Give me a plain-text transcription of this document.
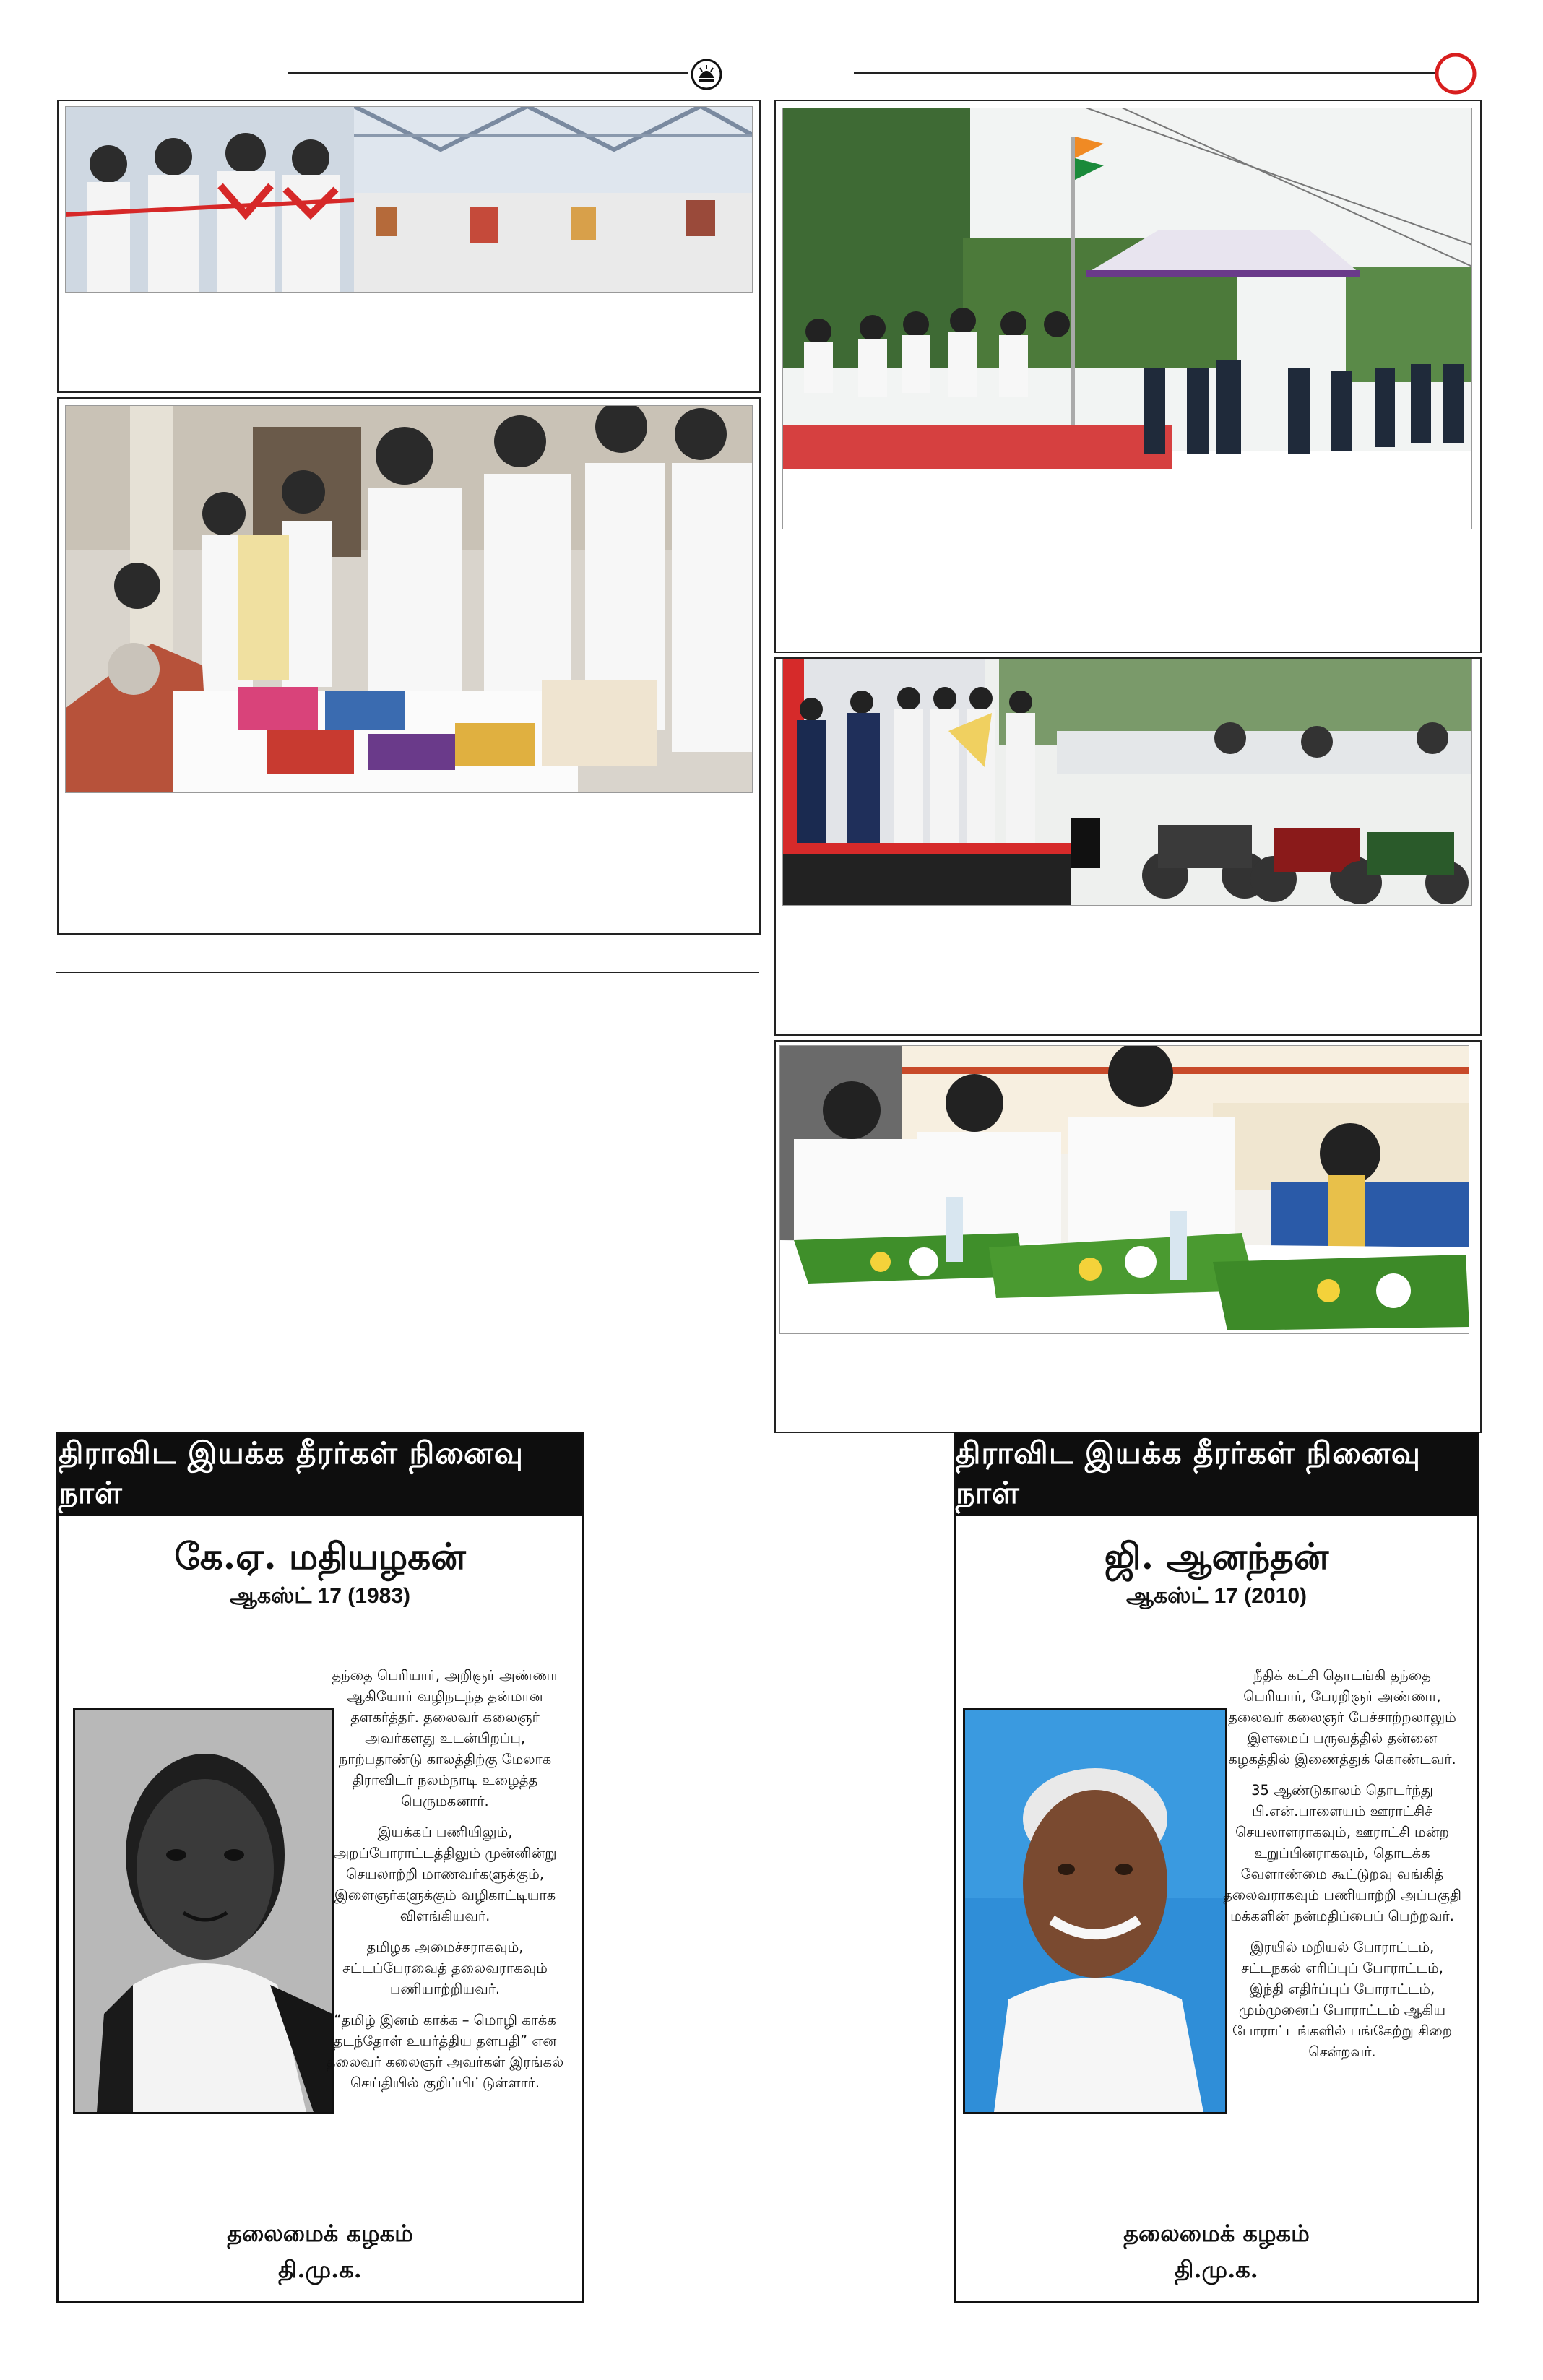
திராவிட இயக்க தீரர்கள் நினைவு நாள்
கே.ஏ. மதியழகன்
ஆகஸ்ட் 17 (1983)

தந்தை பெரியார், அறிஞர் அண்ணா ஆகியோர் வழிநடந்த தன்மான தளகர்த்தர். தலைவர் கலைஞர் அவர்களது உடன்பிறப்பு, நாற்பதாண்டு காலத்திற்கு மேலாக திராவிடர் நலம்நாடி உழைத்த பெருமகனார்.

இயக்கப் பணியிலும், அறப்போராட்டத்திலும் முன்னின்று செயலாற்றி மாணவர்களுக்கும், இளைஞர்களுக்கும் வழிகாட்டியாக விளங்கியவர்.

தமிழக அமைச்சராகவும், சட்டப்பேரவைத் தலைவராகவும் பணியாற்றியவர்.

“தமிழ் இனம் காக்க – மொழி காக்க தடந்தோள் உயர்த்திய தளபதி” என தலைவர் கலைஞர் அவர்கள் இரங்கல் செய்தியில் குறிப்பிட்டுள்ளார்.

தலைமைக் கழகம்
தி.மு.க.
திராவிட இயக்க தீரர்கள் நினைவு நாள்
ஜி. ஆனந்தன்
ஆகஸ்ட் 17 (2010)

நீதிக் கட்சி தொடங்கி தந்தை பெரியார், பேரறிஞர் அண்ணா, தலைவர் கலைஞர் பேச்சாற்றலாலும் இளமைப் பருவத்தில் தன்னை கழகத்தில் இணைத்துக் கொண்டவர்.

35 ஆண்டுகாலம் தொடர்ந்து பி.என்.பாளையம் ஊராட்சிச் செயலாளராகவும், ஊராட்சி மன்ற உறுப்பினராகவும், தொடக்க வேளாண்மை கூட்டுறவு வங்கித் தலைவராகவும் பணியாற்றி அப்பகுதி மக்களின் நன்மதிப்பைப் பெற்றவர்.

இரயில் மறியல் போராட்டம், சட்டநகல் எரிப்புப் போராட்டம், இந்தி எதிர்ப்புப் போராட்டம், மும்முனைப் போராட்டம் ஆகிய போராட்டங்களில் பங்கேற்று சிறை சென்றவர்.

தலைமைக் கழகம்
தி.மு.க.
